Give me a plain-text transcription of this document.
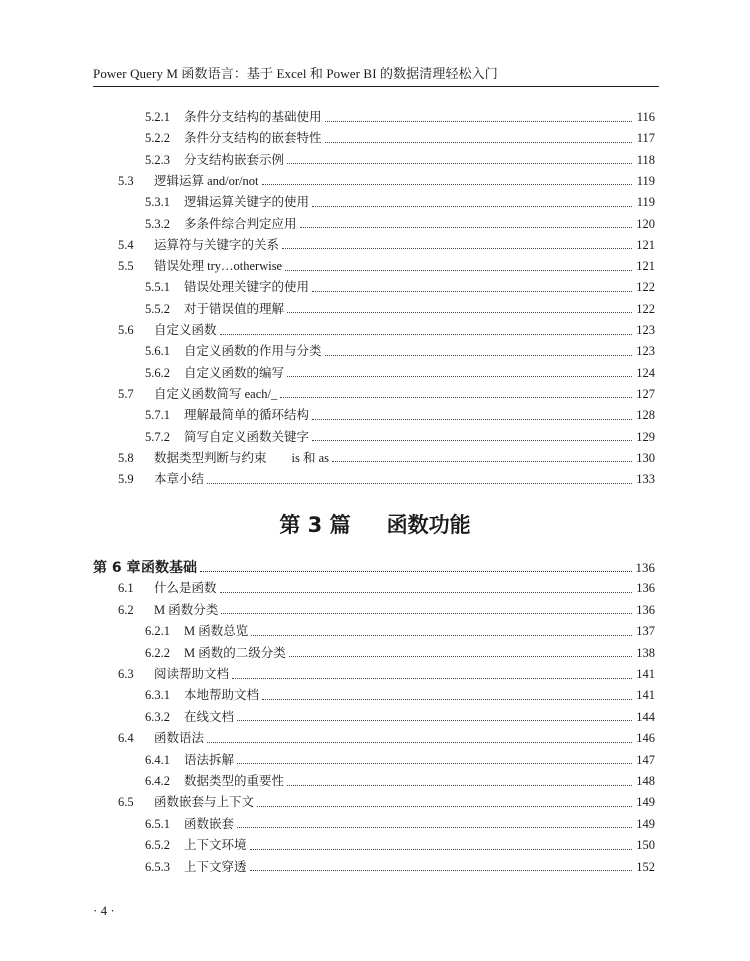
Power Query M 函数语言：基于 Excel 和 Power BI 的数据清理轻松入门
5.2.1	条件分支结构的基础使用	116
5.2.2	条件分支结构的嵌套特性	117
5.2.3	分支结构嵌套示例	118
5.3	逻辑运算 and/or/not	119
5.3.1	逻辑运算关键字的使用	119
5.3.2	多条件综合判定应用	120
5.4	运算符与关键字的关系	121
5.5	错误处理 try…otherwise	121
5.5.1	错误处理关键字的使用	122
5.5.2	对于错误值的理解	122
5.6	自定义函数	123
5.6.1	自定义函数的作用与分类	123
5.6.2	自定义函数的编写	124
5.7	自定义函数简写 each/_	127
5.7.1	理解最简单的循环结构	128
5.7.2	简写自定义函数关键字	129
5.8	数据类型判断与约束　　is 和 as	130
5.9	本章小结	133
第 6 章 函数基础	136
6.1	什么是函数	136
6.2	M 函数分类	136
6.2.1	M 函数总览	137
6.2.2	M 函数的二级分类	138
6.3	阅读帮助文档	141
6.3.1	本地帮助文档	141
6.3.2	在线文档	144
6.4	函数语法	146
6.4.1	语法拆解	147
6.4.2	数据类型的重要性	148
6.5	函数嵌套与上下文	149
6.5.1	函数嵌套	149
6.5.2	上下文环境	150
6.5.3	上下文穿透	152
第 3 篇 函数功能
· 4 ·
